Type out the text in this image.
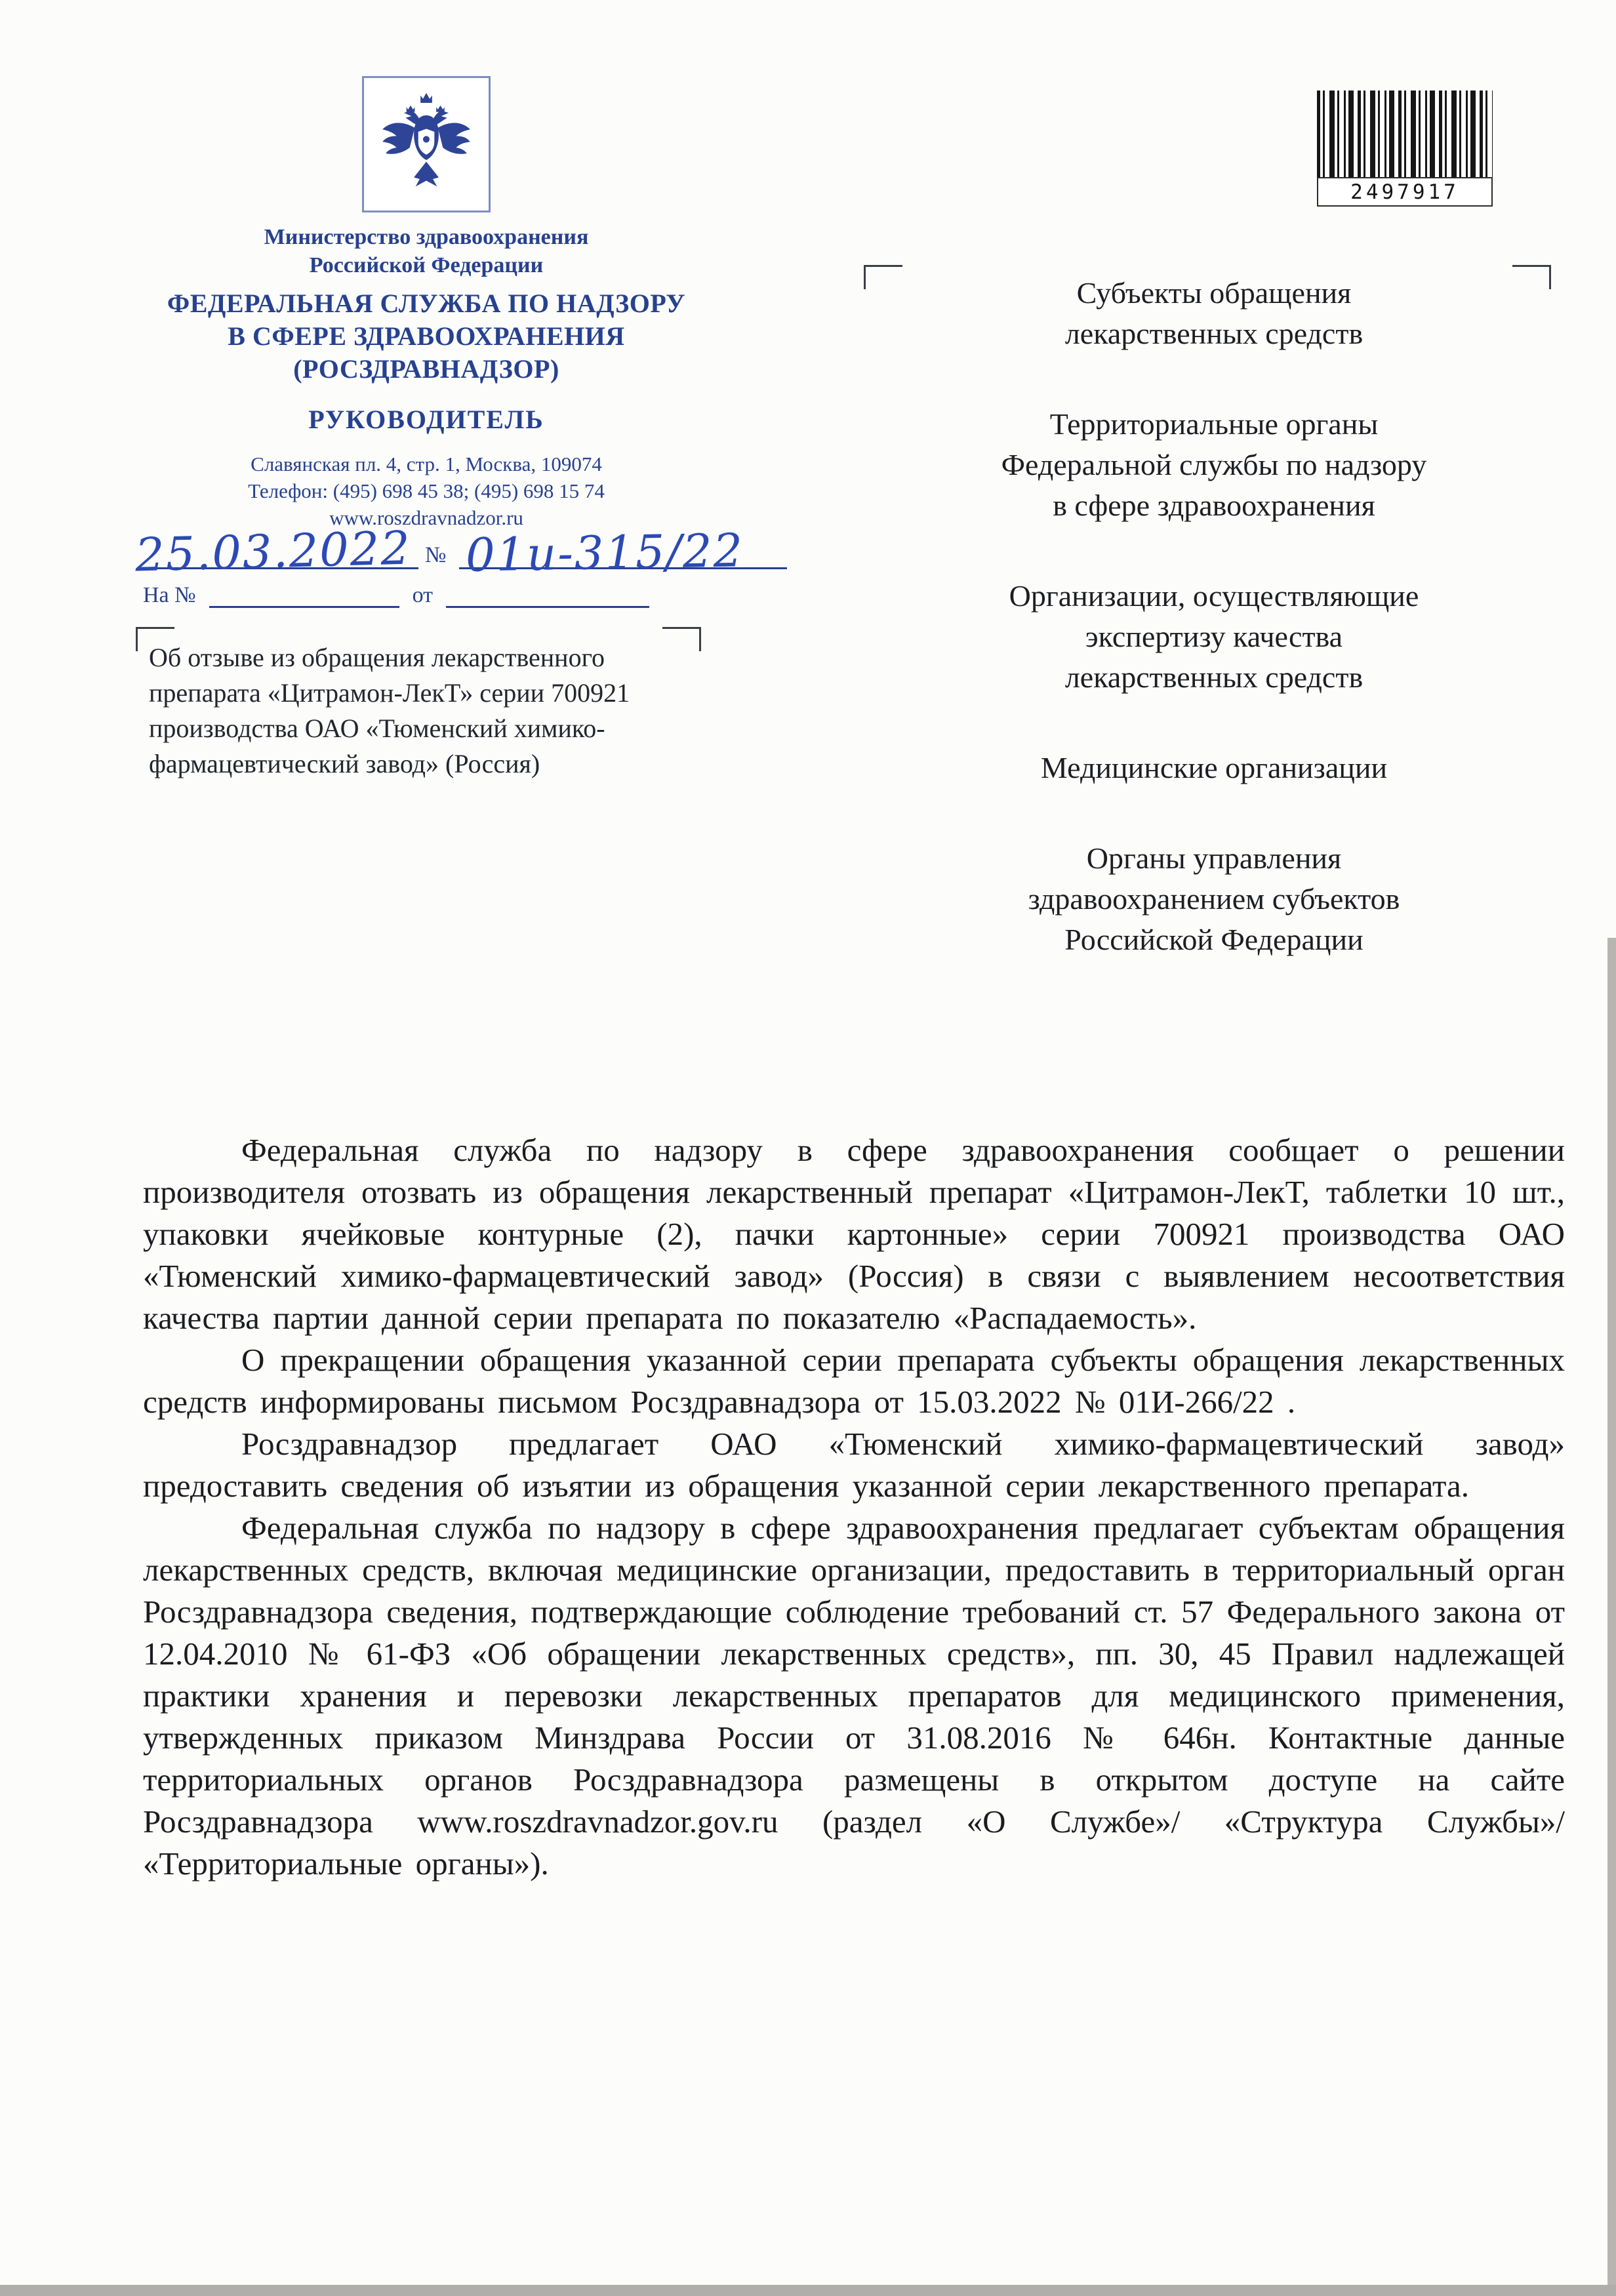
Министерство здравоохранения
Российской Федерации
ФЕДЕРАЛЬНАЯ СЛУЖБА ПО НАДЗОРУ
В СФЕРЕ ЗДРАВООХРАНЕНИЯ
(РОСЗДРАВНАДЗОР)
РУКОВОДИТЕЛЬ
Славянская пл. 4, стр. 1, Москва, 109074
Телефон: (495) 698 45 38; (495) 698 15 74
www.roszdravnadzor.ru
2497917
№
25.03.2022 01и-315/22
На №	от
Об отзыве из обращения лекарственного препарата «Цитрамон-ЛекТ» серии 700921 производства ОАО «Тюменский химико-фармацевтический завод» (Россия)
Субъекты обращения
лекарственных средств
Территориальные органы
Федеральной службы по надзору
в сфере здравоохранения
Организации, осуществляющие
экспертизу качества
лекарственных средств
Медицинские организации
Органы управления
здравоохранением субъектов
Российской Федерации

Федеральная служба по надзору в сфере здравоохранения сообщает о решении производителя отозвать из обращения лекарственный препарат «Цитрамон-ЛекТ, таблетки 10 шт., упаковки ячейковые контурные (2), пачки картонные» серии 700921 производства ОАО «Тюменский химико-фармацевтический завод» (Россия) в связи с выявлением несоответствия качества партии данной серии препарата по показателю «Распадаемость».

О прекращении обращения указанной серии препарата субъекты обращения лекарственных средств информированы письмом Росздравнадзора от 15.03.2022 № 01И-266/22 .

Росздравнадзор предлагает ОАО «Тюменский химико-фармацевтический завод» предоставить сведения об изъятии из обращения указанной серии лекарственного препарата.

Федеральная служба по надзору в сфере здравоохранения предлагает субъектам обращения лекарственных средств, включая медицинские организации, предоставить в территориальный орган Росздравнадзора сведения, подтверждающие соблюдение требований ст. 57 Федерального закона от 12.04.2010 № 61-ФЗ «Об обращении лекарственных средств», пп. 30, 45 Правил надлежащей практики хранения и перевозки лекарственных препаратов для медицинского применения, утвержденных приказом Минздрава России от 31.08.2016 № 646н. Контактные данные территориальных органов Росздравнадзора размещены в открытом доступе на сайте Росздравнадзора www.roszdravnadzor.gov.ru (раздел «О Службе»/ «Структура Службы»/ «Территориальные органы»).
